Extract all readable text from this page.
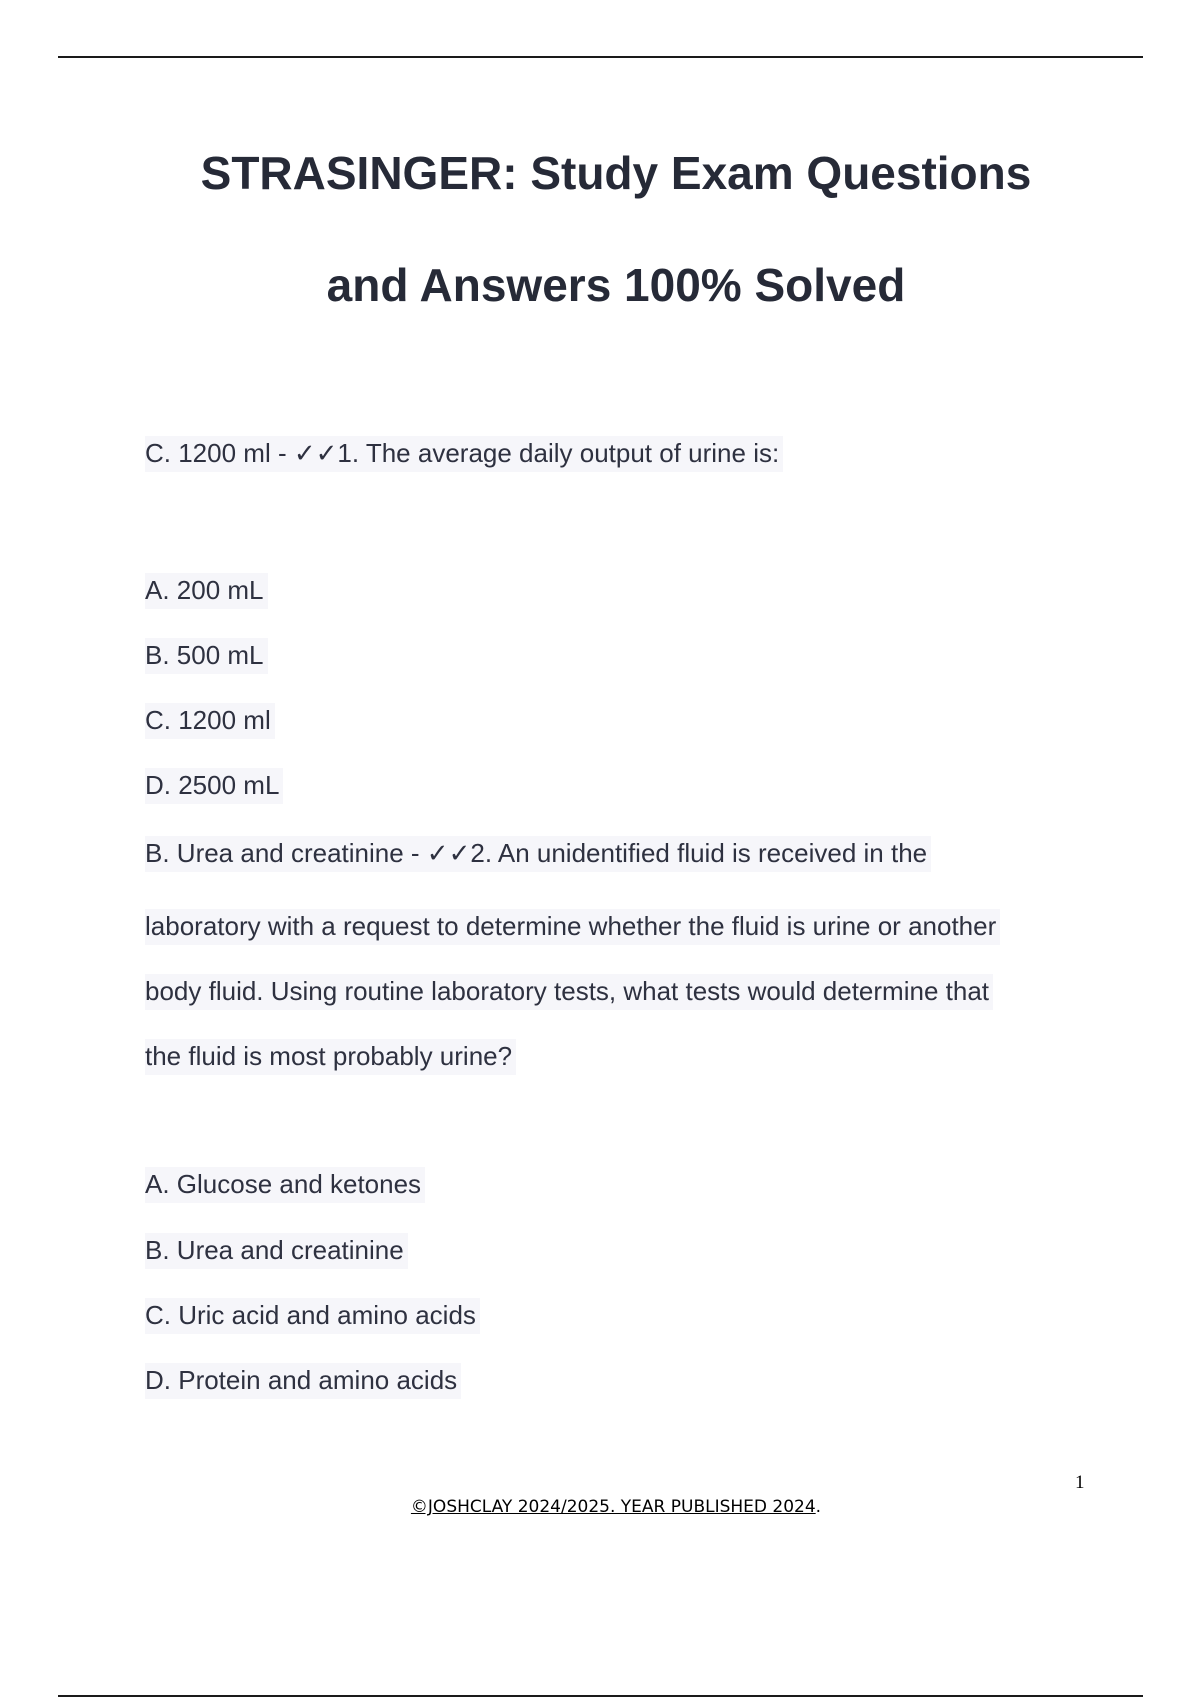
STRASINGER: Study Exam Questions
and Answers 100% Solved
C. 1200 ml - ✓✓1. The average daily output of urine is:
A. 200 mL
B. 500 mL
C. 1200 ml
D. 2500 mL
B. Urea and creatinine - ✓✓2. An unidentified fluid is received in the
laboratory with a request to determine whether the fluid is urine or another
body fluid. Using routine laboratory tests, what tests would determine that
the fluid is most probably urine?
A. Glucose and ketones
B. Urea and creatinine
C. Uric acid and amino acids
D. Protein and amino acids
1
©JOSHCLAY 2024/2025. YEAR PUBLISHED 2024.
